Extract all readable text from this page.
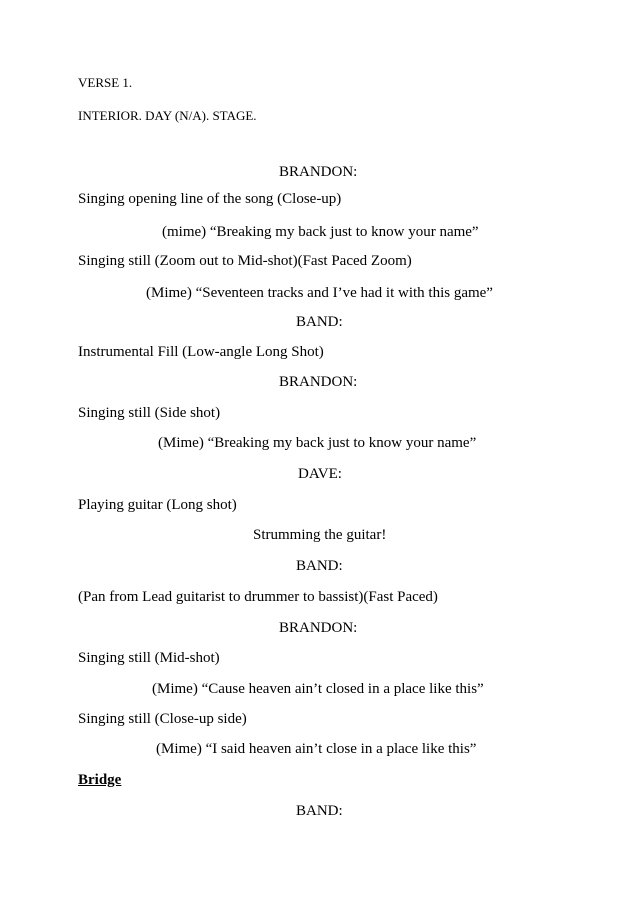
VERSE 1.
INTERIOR. DAY (N/A). STAGE.
BRANDON:
Singing opening line of the song (Close-up)
(mime) “Breaking my back just to know your name”
Singing still (Zoom out to Mid-shot)(Fast Paced Zoom)
(Mime) “Seventeen tracks and I’ve had it with this game”
BAND:
Instrumental Fill (Low-angle Long Shot)
BRANDON:
Singing still (Side shot)
(Mime) “Breaking my back just to know your name”
DAVE:
Playing guitar (Long shot)
Strumming the guitar!
BAND:
(Pan from Lead guitarist to drummer to bassist)(Fast Paced)
BRANDON:
Singing still (Mid-shot)
(Mime) “Cause heaven ain’t closed in a place like this”
Singing still (Close-up side)
(Mime) “I said heaven ain’t close in a place like this”
Bridge
BAND:
